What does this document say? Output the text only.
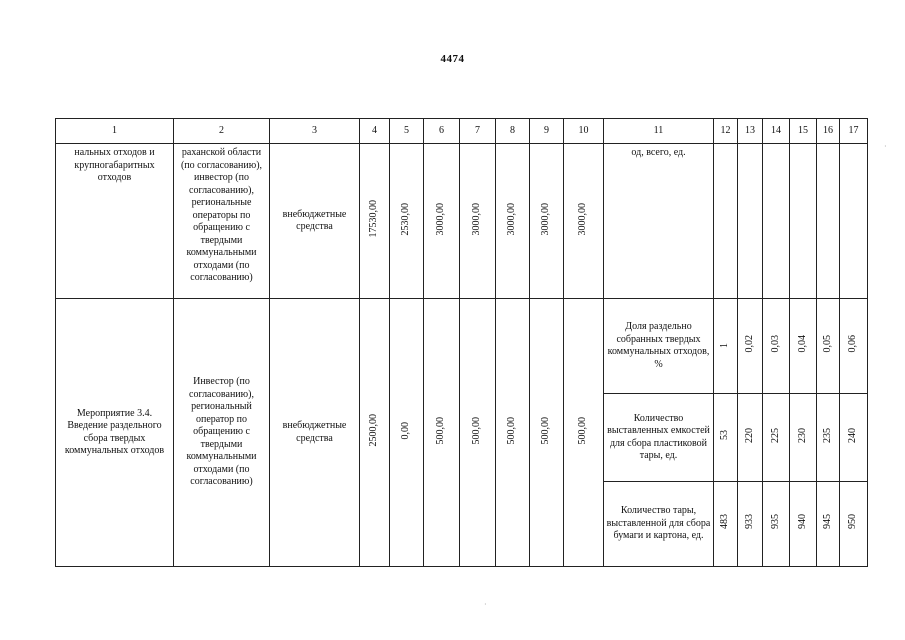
4474
1	2	3	4	5	6	7	8	9	10	11	12	13	14	15	16	17
нальных отходов и крупногабаритных отходов	раханской области (по согласованию), инвестор (по согласованию), региональные операторы по обращению с твердыми коммунальными отходами (по согласованию)	внебюджетные средства	17530,00	2530,00	3000,00	3000,00	3000,00	3000,00	3000,00	од, всего, ед.						
Мероприятие 3.4. Введение раздельного сбора твердых коммунальных отходов	Инвестор (по согласованию), региональный оператор по обращению с твердыми коммунальными отходами (по согласованию)	внебюджетные средства	2500,00	0,00	500,00	500,00	500,00	500,00	500,00	Доля раздельно собранных твердых коммунальных отходов, %	1	0,02	0,03	0,04	0,05	0,06
										Количество выставленных емкостей для сбора пластиковой тары, ед.	53	220	225	230	235	240
										Количество тары, выставленной для сбора бумаги и картона, ед.	483	933	935	940	945	950
·
·
